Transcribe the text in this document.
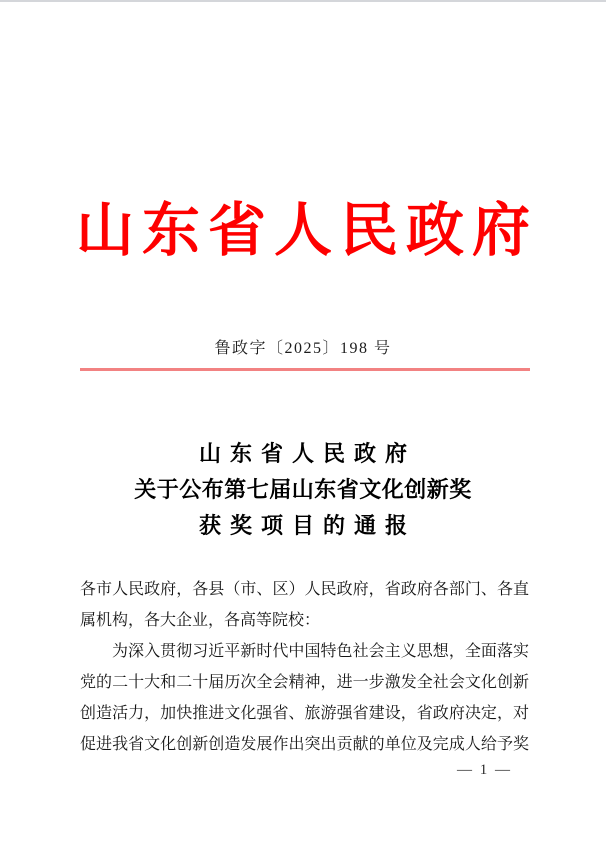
山东省人民政府
鲁政字〔2025〕198 号
山东省人民政府
关于公布第七届山东省文化创新奖
获奖项目的通报
各市人民政府，各县（市、区）人民政府，省政府各部门、各直
属机构，各大企业，各高等院校：
为深入贯彻习近平新时代中国特色社会主义思想，全面落实
党的二十大和二十届历次全会精神，进一步激发全社会文化创新
创造活力，加快推进文化强省、旅游强省建设，省政府决定，对
促进我省文化创新创造发展作出突出贡献的单位及完成人给予奖
— 1 —
